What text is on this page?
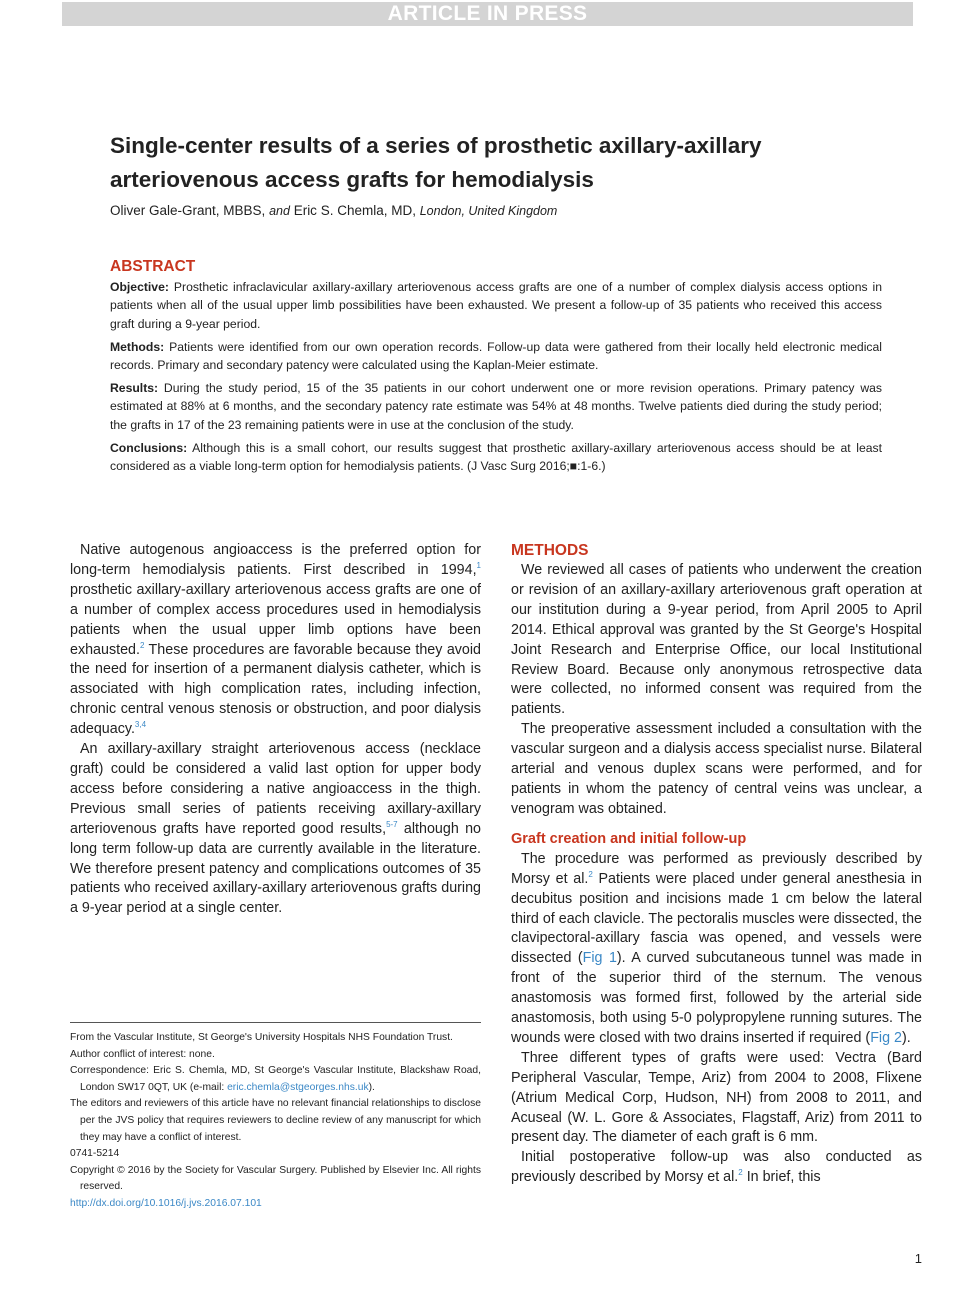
ARTICLE IN PRESS
Single-center results of a series of prosthetic axillary-axillary arteriovenous access grafts for hemodialysis
Oliver Gale-Grant, MBBS, and Eric S. Chemla, MD, London, United Kingdom
ABSTRACT

Objective: Prosthetic infraclavicular axillary-axillary arteriovenous access grafts are one of a number of complex dialysis access options in patients when all of the usual upper limb possibilities have been exhausted. We present a follow-up of 35 patients who received this access graft during a 9-year period.

Methods: Patients were identified from our own operation records. Follow-up data were gathered from their locally held electronic medical records. Primary and secondary patency were calculated using the Kaplan-Meier estimate.

Results: During the study period, 15 of the 35 patients in our cohort underwent one or more revision operations. Primary patency was estimated at 88% at 6 months, and the secondary patency rate estimate was 54% at 48 months. Twelve patients died during the study period; the grafts in 17 of the 23 remaining patients were in use at the conclusion of the study.

Conclusions: Although this is a small cohort, our results suggest that prosthetic axillary-axillary arteriovenous access should be at least considered as a viable long-term option for hemodialysis patients. (J Vasc Surg 2016;■:1-6.)

Native autogenous angioaccess is the preferred option for long-term hemodialysis patients. First described in 1994,$^1$ prosthetic axillary-axillary arteriovenous access grafts are one of a number of complex access procedures used in hemodialysis patients when the usual upper limb options have been exhausted.$^2$ These procedures are favorable because they avoid the need for insertion of a permanent dialysis catheter, which is associated with high complication rates, including infection, chronic central venous stenosis or obstruction, and poor dialysis adequacy.$^{3,4}$

An axillary-axillary straight arteriovenous access (necklace graft) could be considered a valid last option for upper body access before considering a native angioaccess in the thigh. Previous small series of patients receiving axillary-axillary arteriovenous grafts have reported good results,$^{5-7}$ although no long term follow-up data are currently available in the literature. We therefore present patency and complications outcomes of 35 patients who received axillary-axillary arteriovenous grafts during a 9-year period at a single center.

From the Vascular Institute, St George's University Hospitals NHS Foundation Trust.

Author conflict of interest: none.

Correspondence: Eric S. Chemla, MD, St George's Vascular Institute, Blackshaw Road, London SW17 0QT, UK (e-mail: eric.chemla@stgeorges.nhs.uk).

The editors and reviewers of this article have no relevant financial relationships to disclose per the JVS policy that requires reviewers to decline review of any manuscript for which they may have a conflict of interest.

0741-5214

Copyright © 2016 by the Society for Vascular Surgery. Published by Elsevier Inc. All rights reserved.

http://dx.doi.org/10.1016/j.jvs.2016.07.101

METHODS

We reviewed all cases of patients who underwent the creation or revision of an axillary-axillary arteriovenous graft operation at our institution during a 9-year period, from April 2005 to April 2014. Ethical approval was granted by the St George's Hospital Joint Research and Enterprise Office, our local Institutional Review Board. Because only anonymous retrospective data were collected, no informed consent was required from the patients.

The preoperative assessment included a consultation with the vascular surgeon and a dialysis access specialist nurse. Bilateral arterial and venous duplex scans were performed, and for patients in whom the patency of central veins was unclear, a venogram was obtained.

Graft creation and initial follow-up

The procedure was performed as previously described by Morsy et al.$^2$ Patients were placed under general anesthesia in decubitus position and incisions made 1 cm below the lateral third of each clavicle. The pectoralis muscles were dissected, the clavipectoral-axillary fascia was opened, and vessels were dissected (Fig 1). A curved subcutaneous tunnel was made in front of the superior third of the sternum. The venous anastomosis was formed first, followed by the arterial side anastomosis, both using 5-0 polypropylene running sutures. The wounds were closed with two drains inserted if required (Fig 2).

Three different types of grafts were used: Vectra (Bard Peripheral Vascular, Tempe, Ariz) from 2004 to 2008, Flixene (Atrium Medical Corp, Hudson, NH) from 2008 to 2011, and Acuseal (W. L. Gore & Associates, Flagstaff, Ariz) from 2011 to present day. The diameter of each graft is 6 mm.

Initial postoperative follow-up was also conducted as previously described by Morsy et al.$^2$ In brief, this

1
